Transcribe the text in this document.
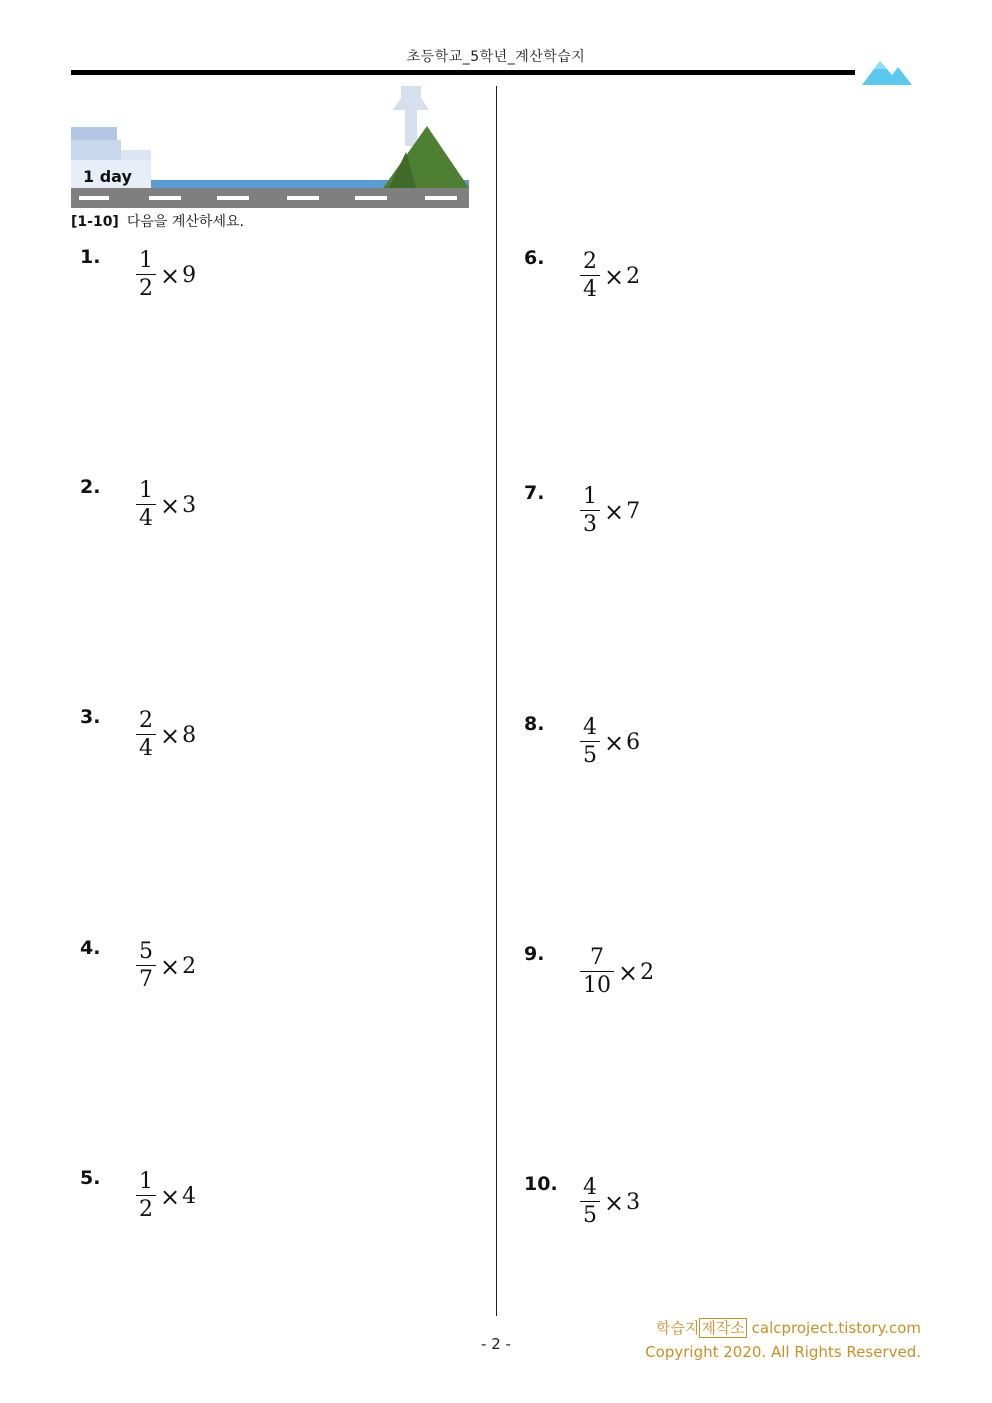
초등학교_5학년_계산학습지
1 day
[1-10] 다음을 계산하세요.
1. $\frac{1}{2} \times 9$
2. $\frac{1}{4} \times 3$
3. $\frac{2}{4} \times 8$
4. $\frac{5}{7} \times 2$
5. $\frac{1}{2} \times 4$
6. $\frac{2}{4} \times 2$
7. $\frac{1}{3} \times 7$
8. $\frac{4}{5} \times 6$
9. $\frac{7}{10} \times 2$
10. $\frac{4}{5} \times 3$
학습지 제작소 calcproject.tistory.com
Copyright 2020. All Rights Reserved.
- 2 -
